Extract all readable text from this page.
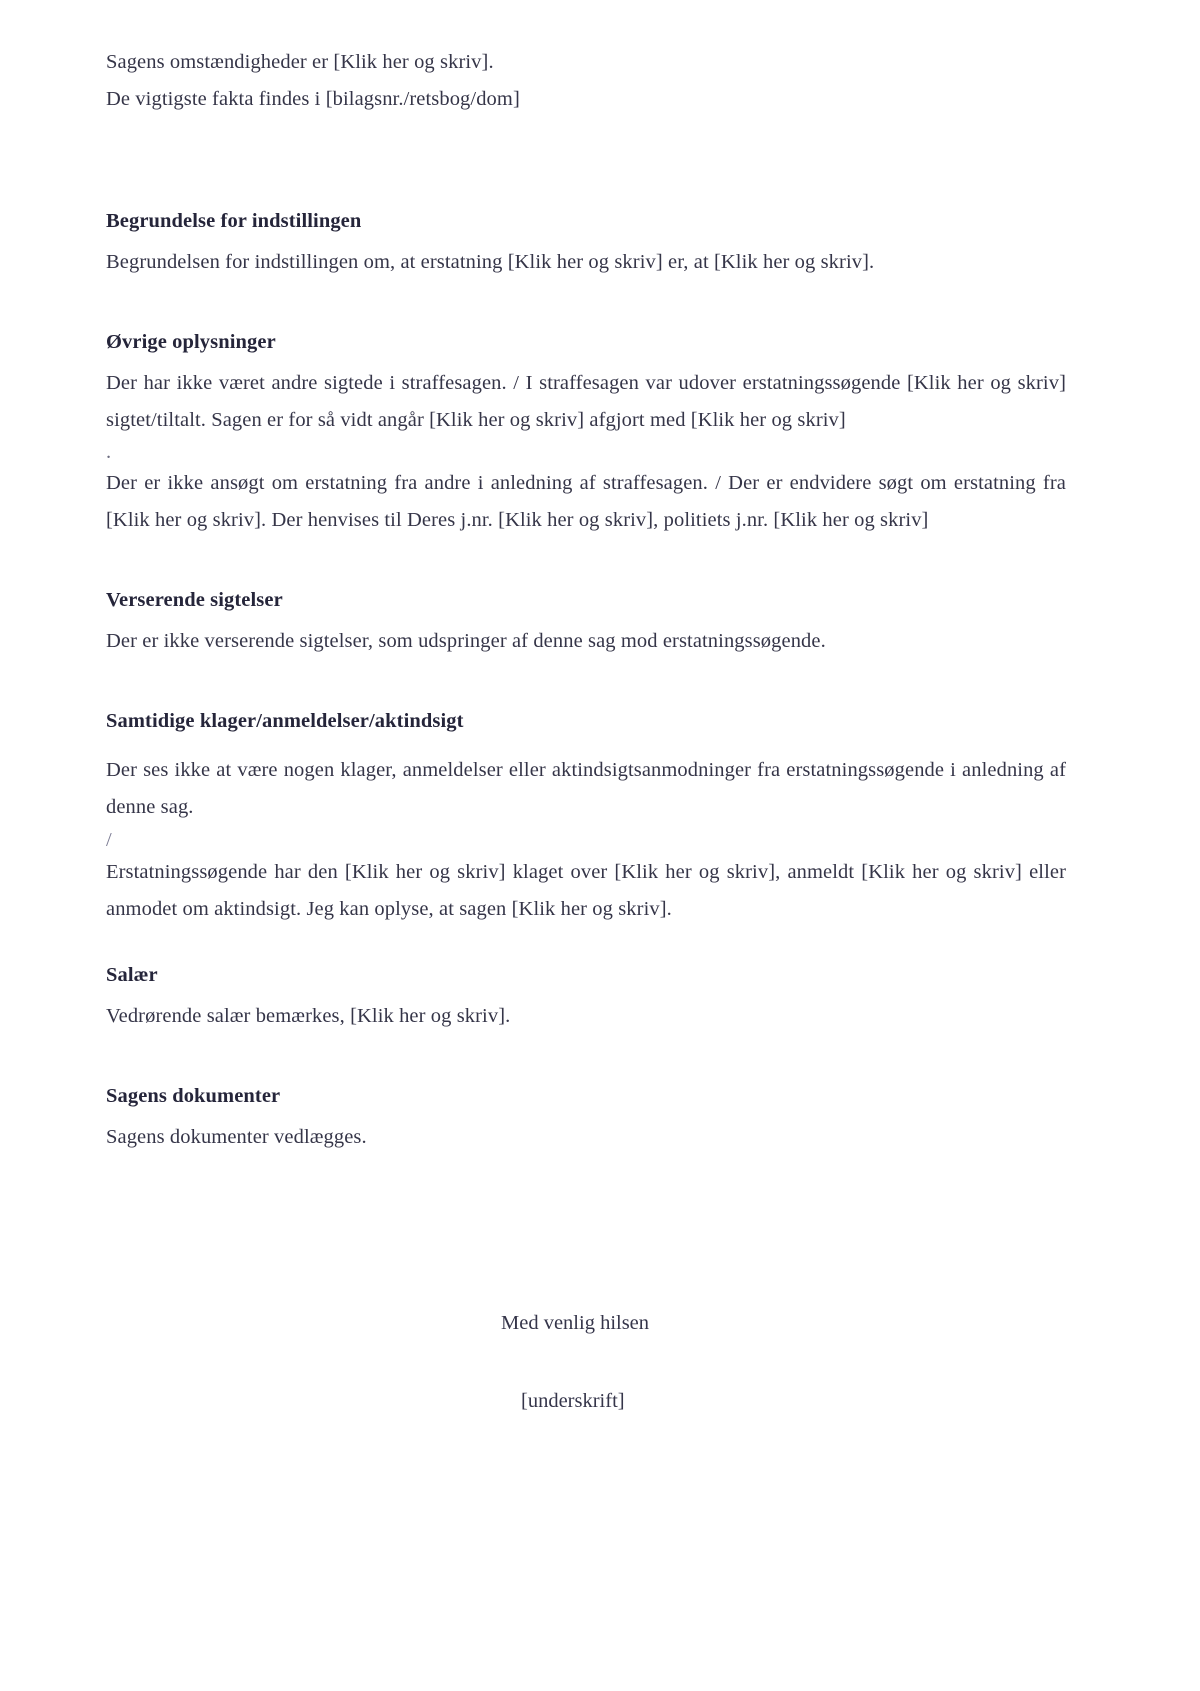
Sagens omstændigheder er [Klik her og skriv].

De vigtigste fakta findes i [bilagsnr./retsbog/dom]

Begrundelse for indstillingen

Begrundelsen for indstillingen om, at erstatning [Klik her og skriv] er, at [Klik her og skriv].

Øvrige oplysninger

Der har ikke været andre sigtede i straffesagen. / I straffesagen var udover erstatningssøgende [Klik her og skriv] sigtet/tiltalt. Sagen er for så vidt angår [Klik her og skriv] afgjort med [Klik her og skriv]

.

Der er ikke ansøgt om erstatning fra andre i anledning af straffesagen. / Der er endvidere søgt om erstatning fra [Klik her og skriv]. Der henvises til Deres j.nr. [Klik her og skriv], politiets j.nr. [Klik her og skriv]

Verserende sigtelser

Der er ikke verserende sigtelser, som udspringer af denne sag mod erstatningssøgende.

Samtidige klager/anmeldelser/aktindsigt

Der ses ikke at være nogen klager, anmeldelser eller aktindsigtsanmodninger fra erstatningssøgende i anledning af denne sag.

/

Erstatningssøgende har den [Klik her og skriv] klaget over [Klik her og skriv], anmeldt [Klik her og skriv] eller anmodet om aktindsigt. Jeg kan oplyse, at sagen [Klik her og skriv].

Salær

Vedrørende salær bemærkes, [Klik her og skriv].

Sagens dokumenter

Sagens dokumenter vedlægges.

Med venlig hilsen

[underskrift]
